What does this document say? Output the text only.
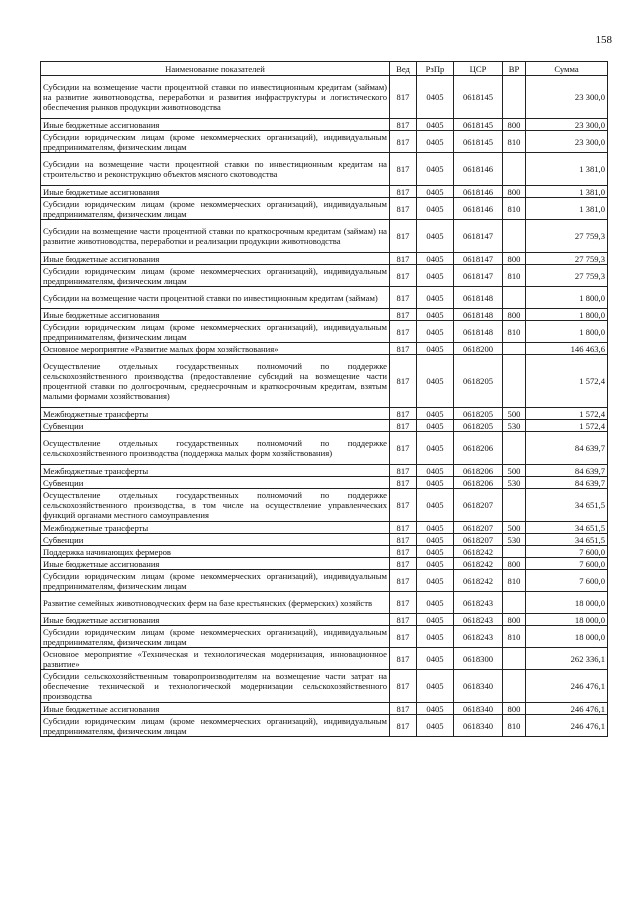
158
Наименование показателей	Вед	РзПр	ЦСР	ВР	Сумма
Субсидии на возмещение части процентной ставки по инвестиционным кредитам (займам) на развитие животноводства, переработки и развития инфраструктуры и логистического обеспечения рынков продукции животноводства	817	0405	0618145		23 300,0
Иные бюджетные ассигнования	817	0405	0618145	800	23 300,0
Субсидии юридическим лицам (кроме некоммерческих организаций), индивидуальным предпринимателям, физическим лицам	817	0405	0618145	810	23 300,0
Субсидии на возмещение части процентной ставки по инвестиционным кредитам на строительство и реконструкцию объектов мясного скотоводства	817	0405	0618146		1 381,0
Иные бюджетные ассигнования	817	0405	0618146	800	1 381,0
Субсидии юридическим лицам (кроме некоммерческих организаций), индивидуальным предпринимателям, физическим лицам	817	0405	0618146	810	1 381,0
Субсидии на возмещение части процентной ставки по краткосрочным кредитам (займам) на развитие животноводства, переработки и реализации продукции животноводства	817	0405	0618147		27 759,3
Иные бюджетные ассигнования	817	0405	0618147	800	27 759,3
Субсидии юридическим лицам (кроме некоммерческих организаций), индивидуальным предпринимателям, физическим лицам	817	0405	0618147	810	27 759,3
Субсидии на возмещение части процентной ставки по инвестиционным кредитам (займам)	817	0405	0618148		1 800,0
Иные бюджетные ассигнования	817	0405	0618148	800	1 800,0
Субсидии юридическим лицам (кроме некоммерческих организаций), индивидуальным предпринимателям, физическим лицам	817	0405	0618148	810	1 800,0
Основное мероприятие «Развитие малых форм хозяйствования»	817	0405	0618200		146 463,6
Осуществление отдельных государственных полномочий по поддержке сельскохозяйственного производства (предоставление субсидий на возмещение части процентной ставки по долгосрочным, среднесрочным и краткосрочным кредитам, взятым малыми формами хозяйствования)	817	0405	0618205		1 572,4
Межбюджетные трансферты	817	0405	0618205	500	1 572,4
Субвенции	817	0405	0618205	530	1 572,4
Осуществление отдельных государственных полномочий по поддержке сельскохозяйственного производства (поддержка малых форм хозяйствования)	817	0405	0618206		84 639,7
Межбюджетные трансферты	817	0405	0618206	500	84 639,7
Субвенции	817	0405	0618206	530	84 639,7
Осуществление отдельных государственных полномочий по поддержке сельскохозяйственного производства, в том числе на осуществление управленческих функций органами местного самоуправления	817	0405	0618207		34 651,5
Межбюджетные трансферты	817	0405	0618207	500	34 651,5
Субвенции	817	0405	0618207	530	34 651,5
Поддержка начинающих фермеров	817	0405	0618242		7 600,0
Иные бюджетные ассигнования	817	0405	0618242	800	7 600,0
Субсидии юридическим лицам (кроме некоммерческих организаций), индивидуальным предпринимателям, физическим лицам	817	0405	0618242	810	7 600,0
Развитие семейных животноводческих ферм на базе крестьянских (фермерских) хозяйств	817	0405	0618243		18 000,0
Иные бюджетные ассигнования	817	0405	0618243	800	18 000,0
Субсидии юридическим лицам (кроме некоммерческих организаций), индивидуальным предпринимателям, физическим лицам	817	0405	0618243	810	18 000,0
Основное мероприятие «Техническая и технологическая модернизация, инновационное развитие»	817	0405	0618300		262 336,1
Субсидии сельскохозяйственным товаропроизводителям на возмещение части затрат на обеспечение технической и технологической модернизации сельскохозяйственного производства	817	0405	0618340		246 476,1
Иные бюджетные ассигнования	817	0405	0618340	800	246 476,1
Субсидии юридическим лицам (кроме некоммерческих организаций), индивидуальным предпринимателям, физическим лицам	817	0405	0618340	810	246 476,1
